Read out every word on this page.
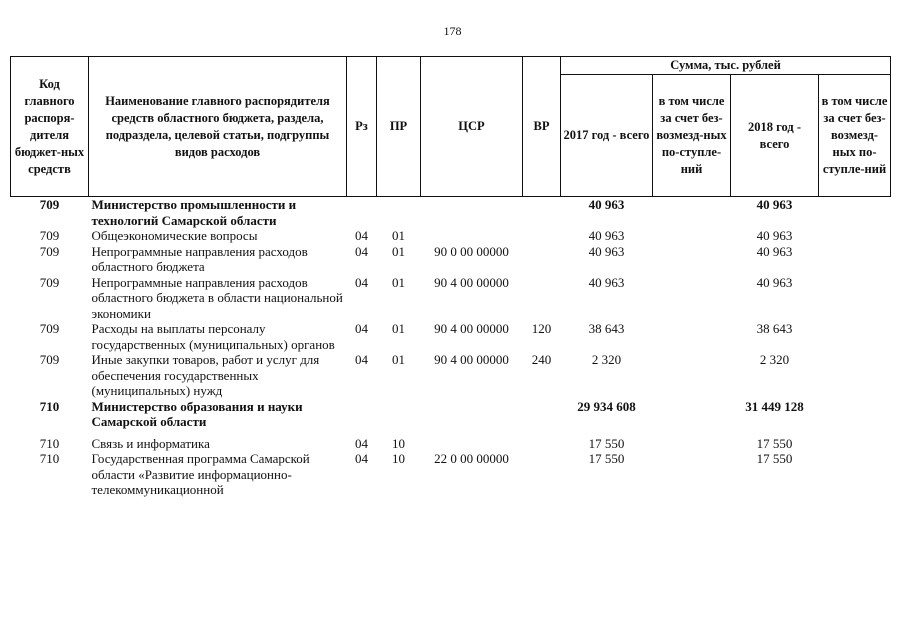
178
Код главного распоря-дителя бюджет-ных средств	Наименование главного распорядителя средств областного бюджета, раздела, подраздела, целевой статьи, подгруппы видов расходов	Рз	ПР	ЦСР	ВР	Сумма, тыс. рублей			
						2017 год - всего	в том числе за счет без-возмезд-ных по-ступле-ний	2018 год - всего	в том числе за счет без-возмезд-ных по-ступле-ний
709	Министерство промышленности и технологий Самарской области					40 963		40 963	
709	Общеэкономические вопросы	04	01			40 963		40 963	
709	Непрограммные направления расходов областного бюджета	04	01	90 0 00 00000		40 963		40 963	
709	Непрограммные направления расходов областного бюджета в области национальной экономики	04	01	90 4 00 00000		40 963		40 963	
709	Расходы на выплаты персоналу государственных (муниципальных) органов	04	01	90 4 00 00000	120	38 643		38 643	
709	Иные закупки товаров, работ и услуг для обеспечения государственных (муниципальных) нужд	04	01	90 4 00 00000	240	2 320		2 320	
710	Министерство образования и науки Самарской области					29 934 608		31 449 128	

710	Связь и информатика	04	10			17 550		17 550	
710	Государственная программа Самарской области «Развитие информационно-телекоммуникационной	04	10	22 0 00 00000		17 550		17 550	
